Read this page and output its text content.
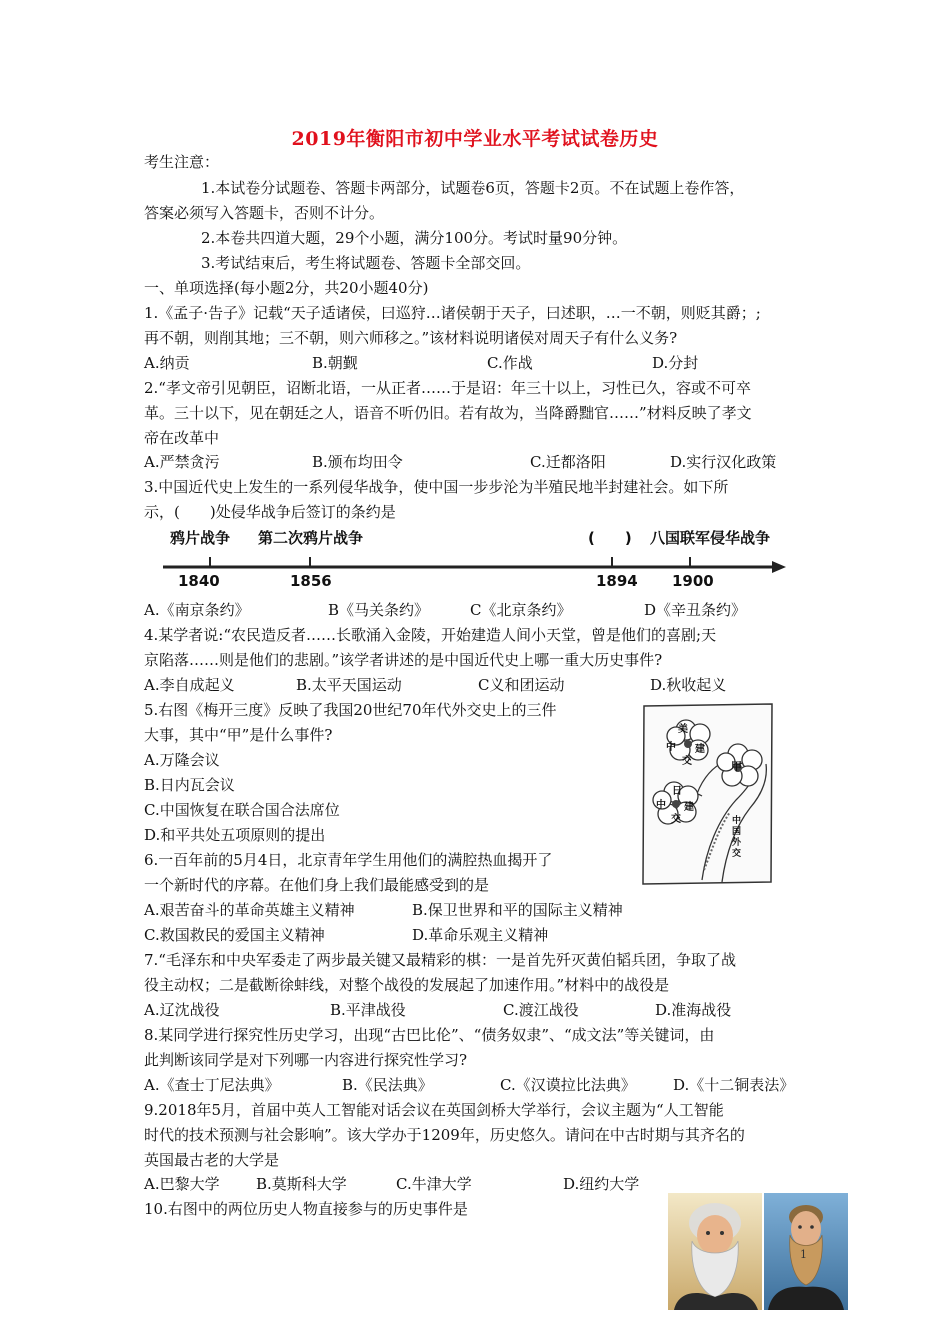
2019年衡阳市初中学业水平考试试卷历史
考生注意：
1.本试卷分试题卷、答题卡两部分，试题卷6页，答题卡2页。不在试题上卷作答，
答案必须写入答题卡，否则不计分。
2.本卷共四道大题，29个小题，满分100分。考试时量90分钟。
3.考试结束后，考生将试题卷、答题卡全部交回。
一、单项选择(每小题2分，共20小题40分)
1.《孟子·告子》记载“天子适诸侯，曰巡狩…诸侯朝于天子，曰述职，…一不朝，则贬其爵；;
再不朝，则削其地；三不朝，则六师移之。”该材料说明诸侯对周天子有什么义务?
A.纳贡	B.朝觐	C.作战	D.分封
2.“孝文帝引见朝臣，诏断北语，一从正者……于是诏：年三十以上，习性已久，容或不可卒
革。三十以下，见在朝廷之人，语音不听仍旧。若有故为，当降爵黜官……”材料反映了孝文
帝在改革中
A.严禁贪污	B.颁布均田令	C.迁都洛阳	D.实行汉化政策
3.中国近代史上发生的一系列侵华战争，使中国一步步沦为半殖民地半封建社会。如下所
示，(　　)处侵华战争后签订的条约是
鸦片战争 第二次鸦片战争	(　　) 八国联军侵华战争
1840	1856	1894 1900
A.《南京条约》	B《马关条约》	C《北京条约》	D《辛丑条约》
4.某学者说:“农民造反者……长歌涌入金陵，开始建造人间小天堂，曾是他们的喜剧;天
京陷落……则是他们的悲剧。”该学者讲述的是中国近代史上哪一重大历史事件?
A.李自成起义	B.太平天国运动	C义和团运动	D.秋收起义
5.右图《梅开三度》反映了我国20世纪70年代外交史上的三件
大事，其中“甲”是什么事件?
A.万隆会议
B.日内瓦会议
C.中国恢复在联合国合法席位
D.和平共处五项原则的提出
美
中 建
交	甲
日
中 建
交	中国外交
6.一百年前的5月4日，北京青年学生用他们的满腔热血揭开了
一个新时代的序幕。在他们身上我们最能感受到的是
A.艰苦奋斗的革命英雄主义精神	B.保卫世界和平的国际主义精神
C.救国救民的爱国主义精神	D.革命乐观主义精神
7.“毛泽东和中央军委走了两步最关键又最精彩的棋：一是首先歼灭黄伯韬兵团，争取了战
役主动权；二是截断徐蚌线，对整个战役的发展起了加速作用。”材料中的战役是
A.辽沈战役	B.平津战役	C.渡江战役	D.准海战役
8.某同学进行探究性历史学习，出现“古巴比伦”、“债务奴隶”、“成文法”等关键词，由
此判断该同学是对下列哪一内容进行探究性学习?
A.《查士丁尼法典》	B.《民法典》	C.《汉谟拉比法典》 D.《十二铜表法》
9.2018年5月，首届中英人工智能对话会议在英国剑桥大学举行，会议主题为“人工智能
时代的技术预测与社会影响”。该大学办于1209年，历史悠久。请问在中古时期与其齐名的
英国最古老的大学是
A.巴黎大学 B.莫斯科大学	C.牛津大学	D.纽约大学
10.右图中的两位历史人物直接参与的历史事件是
1
